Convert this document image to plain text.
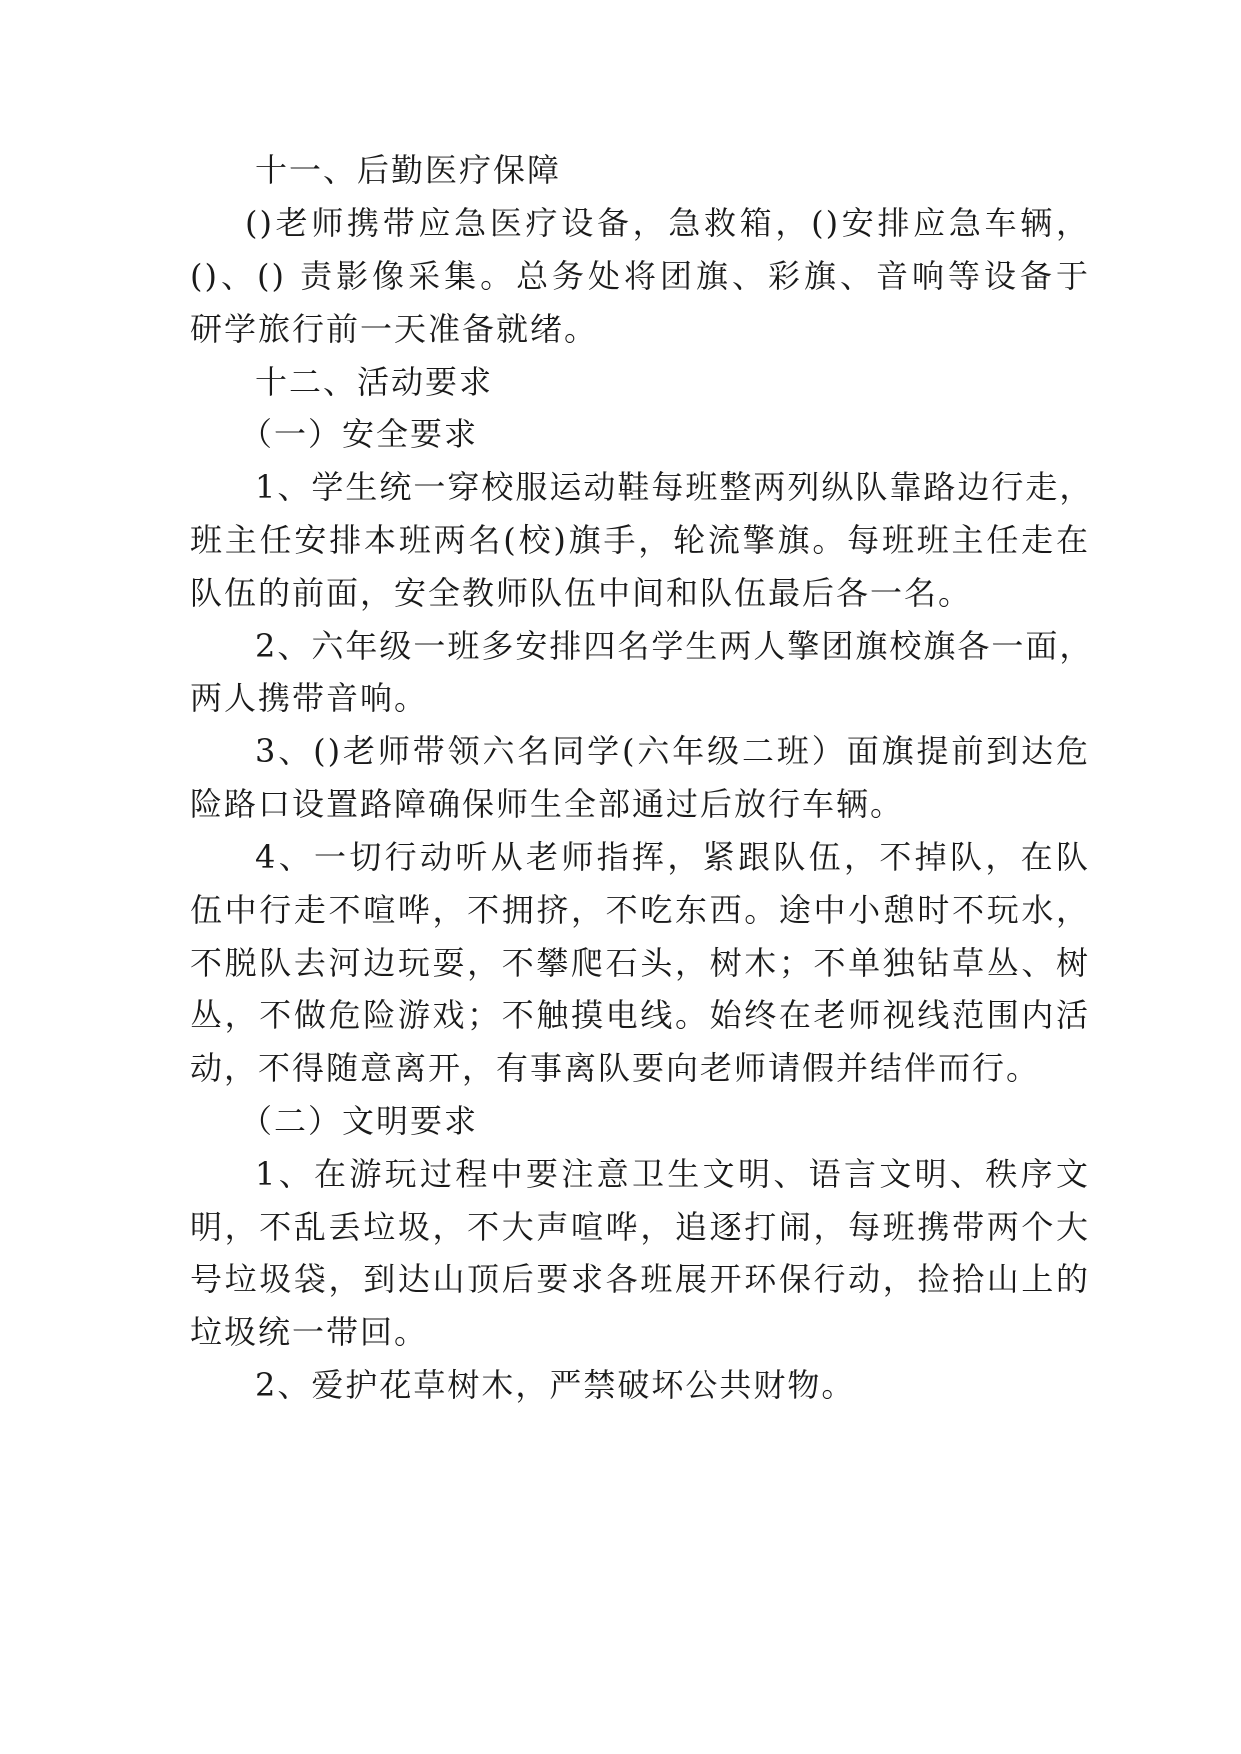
十一、后勤医疗保障
()老师携带应急医疗设备，急救箱，()安排应急车辆，
()、() 责影像采集。总务处将团旗、彩旗、音响等设备于
研学旅行前一天准备就绪。
十二、活动要求
（一）安全要求
1、学生统一穿校服运动鞋每班整两列纵队靠路边行走，
班主任安排本班两名(校)旗手，轮流擎旗。每班班主任走在
队伍的前面，安全教师队伍中间和队伍最后各一名。
2、六年级一班多安排四名学生两人擎团旗校旗各一面，
两人携带音响。
3、()老师带领六名同学(六年级二班）面旗提前到达危
险路口设置路障确保师生全部通过后放行车辆。
4、一切行动听从老师指挥，紧跟队伍，不掉队，在队
伍中行走不喧哗，不拥挤，不吃东西。途中小憩时不玩水，
不脱队去河边玩耍，不攀爬石头，树木；不单独钻草丛、树
丛，不做危险游戏；不触摸电线。始终在老师视线范围内活
动，不得随意离开，有事离队要向老师请假并结伴而行。
（二）文明要求
1、在游玩过程中要注意卫生文明、语言文明、秩序文
明，不乱丢垃圾，不大声喧哗，追逐打闹，每班携带两个大
号垃圾袋，到达山顶后要求各班展开环保行动，捡拾山上的
垃圾统一带回。
2、爱护花草树木，严禁破坏公共财物。
